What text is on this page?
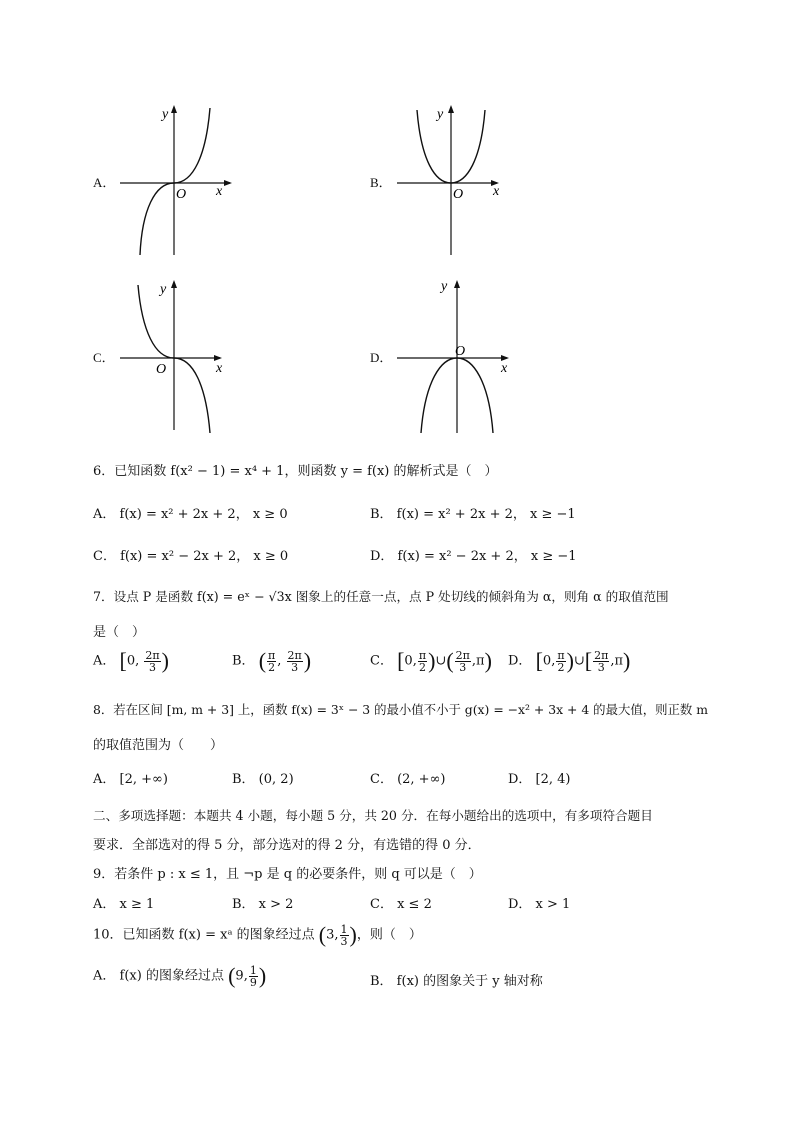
A．
x
y
O
B．
x
y
O
C．
x
y
O
D．
x
y
O
6．已知函数 f(x² − 1) = x⁴ + 1，则函数 y = f(x) 的解析式是（　）
A． f(x) = x² + 2x + 2， x ≥ 0	B． f(x) = x² + 2x + 2， x ≥ −1
C． f(x) = x² − 2x + 2， x ≥ 0	D． f(x) = x² − 2x + 2， x ≥ −1
7．设点 P 是函数 f(x) = eˣ − √3x 图象上的任意一点，点 P 处切线的倾斜角为 α，则角 α 的取值范围
是（　）
A． [0, $\frac{2\pi}{3}$ )	B． ( $\frac{\pi}{2}$ , $\frac{2\pi}{3}$ )	C． [0, $\frac{\pi}{2}$ )∪( $\frac{2\pi}{3} ,\pi$) D． [0, $\frac{\pi}{2}$ )∪[ $\frac{2\pi}{3} ,\pi$)
8．若在区间 [m, m + 3] 上，函数 f(x) = 3ˣ − 3 的最小值不小于 g(x) = −x² + 3x + 4 的最大值，则正数 m
的取值范围为（　　）
A． [2, +∞)	B． (0, 2)	C． (2, +∞)	D． [2, 4)
二、多项选择题：本题共 4 小题，每小题 5 分，共 20 分．在每小题给出的选项中，有多项符合题目
要求．全部选对的得 5 分，部分选对的得 2 分，有选错的得 0 分．
9．若条件 p : x ≤ 1，且 ¬p 是 q 的必要条件，则 q 可以是（　）
A． x ≥ 1	B． x > 2	C． x ≤ 2	D． x > 1
10．已知函数 f(x) = xᵃ 的图象经过点 (3, $\frac{1}{3}$ )，则（　）
A． f(x) 的图象经过点 (9, $\frac{1}{9}$ )	B． f(x) 的图象关于 y 轴对称
